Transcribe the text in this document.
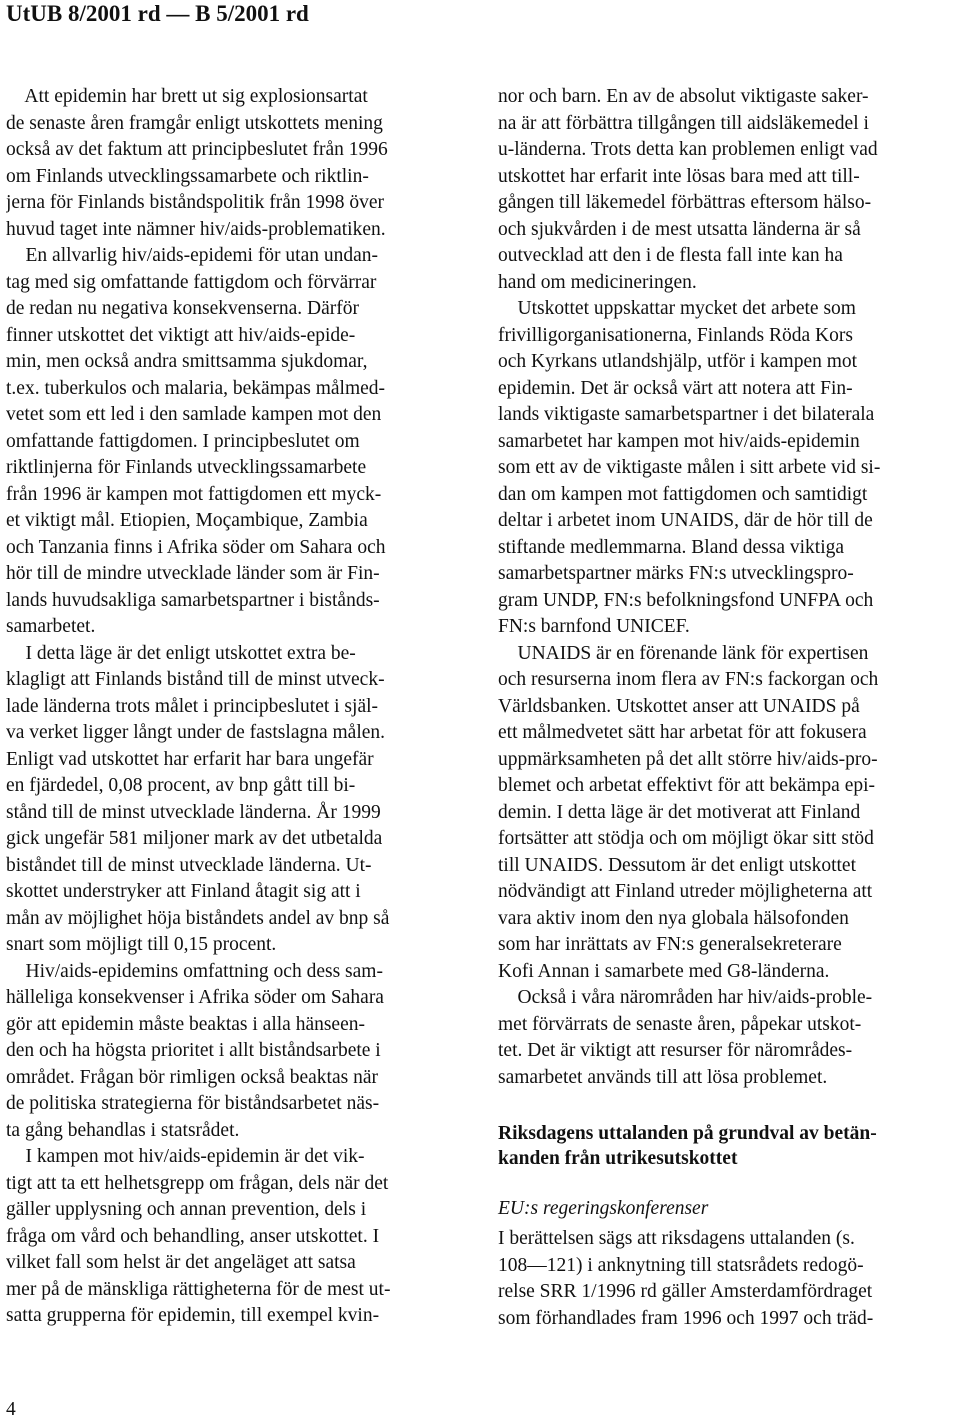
UtUB 8/2001 rd — B 5/2001 rd
Att epidemin har brett ut sig explosionsartat
de senaste åren framgår enligt utskottets mening
också av det faktum att principbeslutet från 1996
om Finlands utvecklingssamarbete och riktlin-
jerna för Finlands biståndspolitik från 1998 över
huvud taget inte nämner hiv/aids-problematiken.
En allvarlig hiv/aids-epidemi för utan undan-
tag med sig omfattande fattigdom och förvärrar
de redan nu negativa konsekvenserna. Därför
finner utskottet det viktigt att hiv/aids-epide-
min, men också andra smittsamma sjukdomar,
t.ex. tuberkulos och malaria, bekämpas målmed-
vetet som ett led i den samlade kampen mot den
omfattande fattigdomen. I principbeslutet om
riktlinjerna för Finlands utvecklingssamarbete
från 1996 är kampen mot fattigdomen ett myck-
et viktigt mål. Etiopien, Moçambique, Zambia
och Tanzania finns i Afrika söder om Sahara och
hör till de mindre utvecklade länder som är Fin-
lands huvudsakliga samarbetspartner i bistånds-
samarbetet.
I detta läge är det enligt utskottet extra be-
klagligt att Finlands bistånd till de minst utveck-
lade länderna trots målet i principbeslutet i själ-
va verket ligger långt under de fastslagna målen.
Enligt vad utskottet har erfarit har bara ungefär
en fjärdedel, 0,08 procent, av bnp gått till bi-
stånd till de minst utvecklade länderna. År 1999
gick ungefär 581 miljoner mark av det utbetalda
biståndet till de minst utvecklade länderna. Ut-
skottet understryker att Finland åtagit sig att i
mån av möjlighet höja biståndets andel av bnp så
snart som möjligt till 0,15 procent.
Hiv/aids-epidemins omfattning och dess sam-
hälleliga konsekvenser i Afrika söder om Sahara
gör att epidemin måste beaktas i alla hänseen-
den och ha högsta prioritet i allt biståndsarbete i
området. Frågan bör rimligen också beaktas när
de politiska strategierna för biståndsarbetet näs-
ta gång behandlas i statsrådet.
I kampen mot hiv/aids-epidemin är det vik-
tigt att ta ett helhetsgrepp om frågan, dels när det
gäller upplysning och annan prevention, dels i
fråga om vård och behandling, anser utskottet. I
vilket fall som helst är det angeläget att satsa
mer på de mänskliga rättigheterna för de mest ut-
satta grupperna för epidemin, till exempel kvin-
nor och barn. En av de absolut viktigaste saker-
na är att förbättra tillgången till aidsläkemedel i
u-länderna. Trots detta kan problemen enligt vad
utskottet har erfarit inte lösas bara med att till-
gången till läkemedel förbättras eftersom hälso-
och sjukvården i de mest utsatta länderna är så
outvecklad att den i de flesta fall inte kan ha
hand om medicineringen.
Utskottet uppskattar mycket det arbete som
frivilligorganisationerna, Finlands Röda Kors
och Kyrkans utlandshjälp, utför i kampen mot
epidemin. Det är också värt att notera att Fin-
lands viktigaste samarbetspartner i det bilaterala
samarbetet har kampen mot hiv/aids-epidemin
som ett av de viktigaste målen i sitt arbete vid si-
dan om kampen mot fattigdomen och samtidigt
deltar i arbetet inom UNAIDS, där de hör till de
stiftande medlemmarna. Bland dessa viktiga
samarbetspartner märks FN:s utvecklingspro-
gram UNDP, FN:s befolkningsfond UNFPA och
FN:s barnfond UNICEF.
UNAIDS är en förenande länk för expertisen
och resurserna inom flera av FN:s fackorgan och
Världsbanken. Utskottet anser att UNAIDS på
ett målmedvetet sätt har arbetat för att fokusera
uppmärksamheten på det allt större hiv/aids-pro-
blemet och arbetat effektivt för att bekämpa epi-
demin. I detta läge är det motiverat att Finland
fortsätter att stödja och om möjligt ökar sitt stöd
till UNAIDS. Dessutom är det enligt utskottet
nödvändigt att Finland utreder möjligheterna att
vara aktiv inom den nya globala hälsofonden
som har inrättats av FN:s generalsekreterare
Kofi Annan i samarbete med G8-länderna.
Också i våra närområden har hiv/aids-proble-
met förvärrats de senaste åren, påpekar utskot-
tet. Det är viktigt att resurser för närområdes-
samarbetet används till att lösa problemet.
Riksdagens uttalanden på grundval av betän-
kanden från utrikesutskottet
EU:s regeringskonferenser
I berättelsen sägs att riksdagens uttalanden (s.
108—121) i anknytning till statsrådets redogö-
relse SRR 1/1996 rd gäller Amsterdamfördraget
som förhandlades fram 1996 och 1997 och träd-
4
